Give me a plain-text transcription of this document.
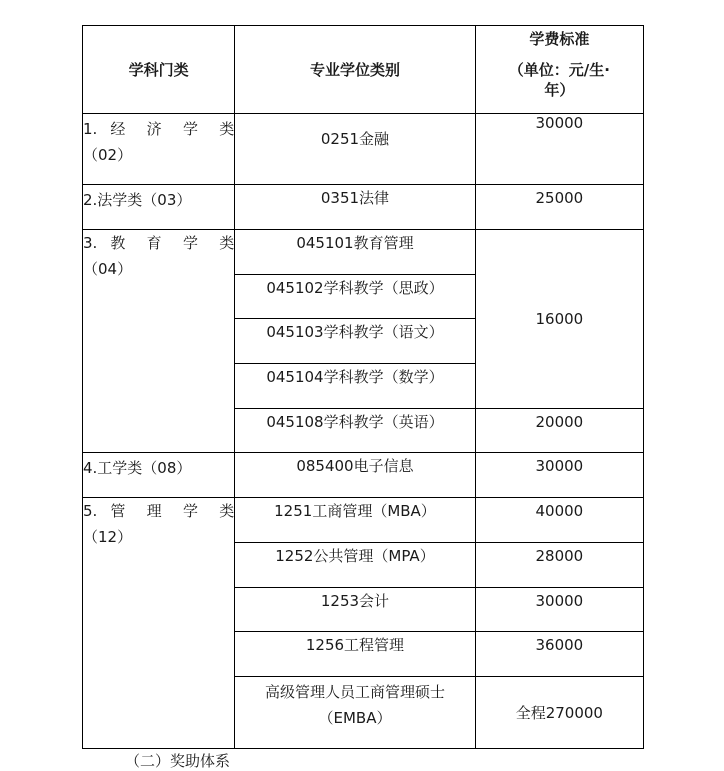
学科门类	专业学位类别	学费标准
（单位：元/生·
年）

1. 经 济 学 类
（02）	0251金融	30000
2.法学类（03）	0351法律	25000

3. 教 育 学 类
（04）	045101教育管理	16000
	045102学科教学（思政）	
	045103学科教学（语文）	
	045104学科教学（数学）	
	045108学科教学（英语）	20000
4.工学类（08）	085400电子信息	30000

5. 管 理 学 类
（12）	1251工商管理（MBA）	40000
	1252公共管理（MPA）	28000
	1253会计	30000
	1256工程管理	36000

	高级管理人员工商管理硕士
（EMBA）	全程270000
（二）奖助体系
